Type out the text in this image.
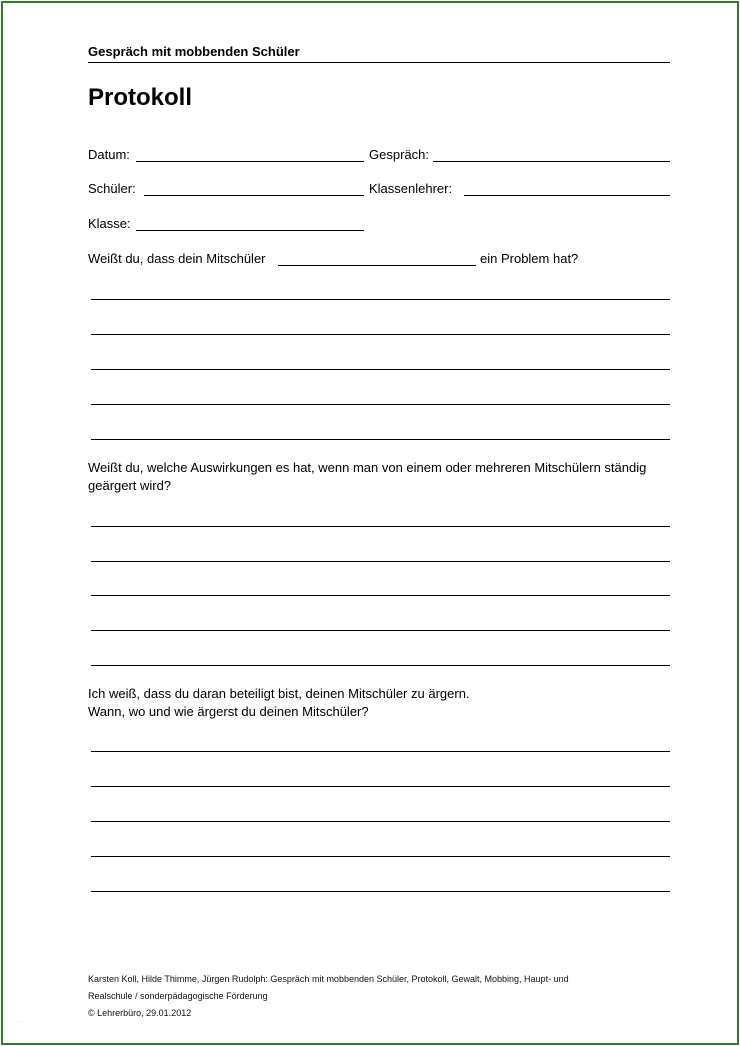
Gespräch mit mobbenden Schüler
Protokoll
Datum:	Gespräch:
Schüler:	Klassenlehrer:
Klasse:
Weißt du, dass dein Mitschüler	ein Problem hat?
Weißt du, welche Auswirkungen es hat, wenn man von einem oder mehreren Mitschülern ständig geärgert wird?
Ich weiß, dass du daran beteiligt bist, deinen Mitschüler zu ärgern.
Wann, wo und wie ärgerst du deinen Mitschüler?
Karsten Koll, Hilde Thimme, Jürgen Rudolph: Gespräch mit mobbenden Schüler, Protokoll, Gewalt, Mobbing, Haupt- und
Realschule / sonderpädagogische Förderung
© Lehrerbüro, 29.01.2012
·····
